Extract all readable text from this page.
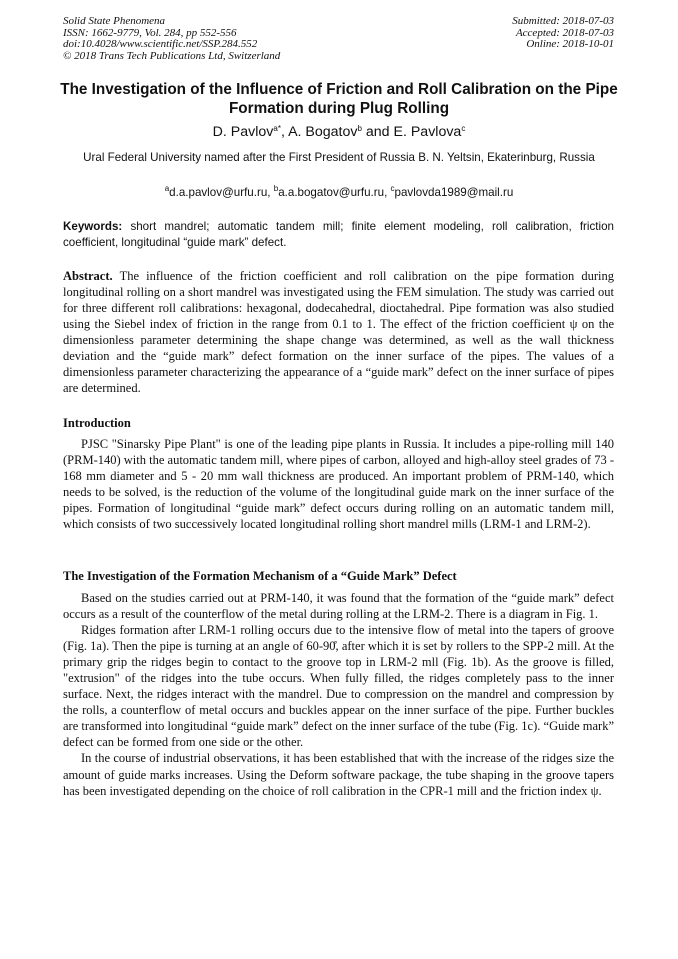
Solid State Phenomena
ISSN: 1662-9779, Vol. 284, pp 552-556
doi:10.4028/www.scientific.net/SSP.284.552
© 2018 Trans Tech Publications Ltd, Switzerland
Submitted: 2018-07-03
Accepted: 2018-07-03
Online: 2018-10-01
The Investigation of the Influence of Friction and Roll Calibration on the Pipe Formation during Plug Rolling
D. Pavlov$^{a*}$, A. Bogatov$^b$ and E. Pavlova$^c$
Ural Federal University named after the First President of Russia B. N. Yeltsin, Ekaterinburg, Russia
$^a$d.a.pavlov@urfu.ru, $^b$a.a.bogatov@urfu.ru, $^c$pavlovda1989@mail.ru
Keywords: short mandrel; automatic tandem mill; finite element modeling, roll calibration, friction coefficient, longitudinal “guide mark” defect.

Abstract. The influence of the friction coefficient and roll calibration on the pipe formation during longitudinal rolling on a short mandrel was investigated using the FEM simulation. The study was carried out for three different roll calibrations: hexagonal, dodecahedral, dioctahedral. Pipe formation was also studied using the Siebel index of friction in the range from 0.1 to 1. The effect of the friction coefficient ψ on the dimensionless parameter determining the shape change was determined, as well as the wall thickness deviation and the “guide mark” defect formation on the inner surface of the pipes. The values of a dimensionless parameter characterizing the appearance of a “guide mark” defect on the inner surface of pipes are determined.

Introduction

PJSC "Sinarsky Pipe Plant" is one of the leading pipe plants in Russia. It includes a pipe-rolling mill 140 (PRM-140) with the automatic tandem mill, where pipes of carbon, alloyed and high-alloy steel grades of 73 - 168 mm diameter and 5 - 20 mm wall thickness are produced. An important problem of PRM-140, which needs to be solved, is the reduction of the volume of the longitudinal guide mark on the inner surface of the pipes. Formation of longitudinal “guide mark” defect occurs during rolling on an automatic tandem mill, which consists of two successively located longitudinal rolling short mandrel mills (LRM-1 and LRM-2).

The Investigation of the Formation Mechanism of a “Guide Mark” Defect

Based on the studies carried out at PRM-140, it was found that the formation of the “guide mark” defect occurs as a result of the counterflow of the metal during rolling at the LRM-2. There is a diagram in Fig. 1.

Ridges formation after LRM-1 rolling occurs due to the intensive flow of metal into the tapers of groove (Fig. 1a). Then the pipe is turning at an angle of 60-90̊, after which it is set by rollers to the SPP-2 mill. At the primary grip the ridges begin to contact to the groove top in LRM-2 mll (Fig. 1b). As the groove is filled, "extrusion" of the ridges into the tube occurs. When fully filled, the ridges completely pass to the inner surface. Next, the ridges interact with the mandrel. Due to compression on the mandrel and compression by the rolls, a counterflow of metal occurs and buckles appear on the inner surface of the pipe. Further buckles are transformed into longitudinal “guide mark” defect on the inner surface of the tube (Fig. 1c). “Guide mark” defect can be formed from one side or the other.

In the course of industrial observations, it has been established that with the increase of the ridges size the amount of guide marks increases. Using the Deform software package, the tube shaping in the groove tapers has been investigated depending on the choice of roll calibration in the CPR-1 mill and the friction index ψ.
